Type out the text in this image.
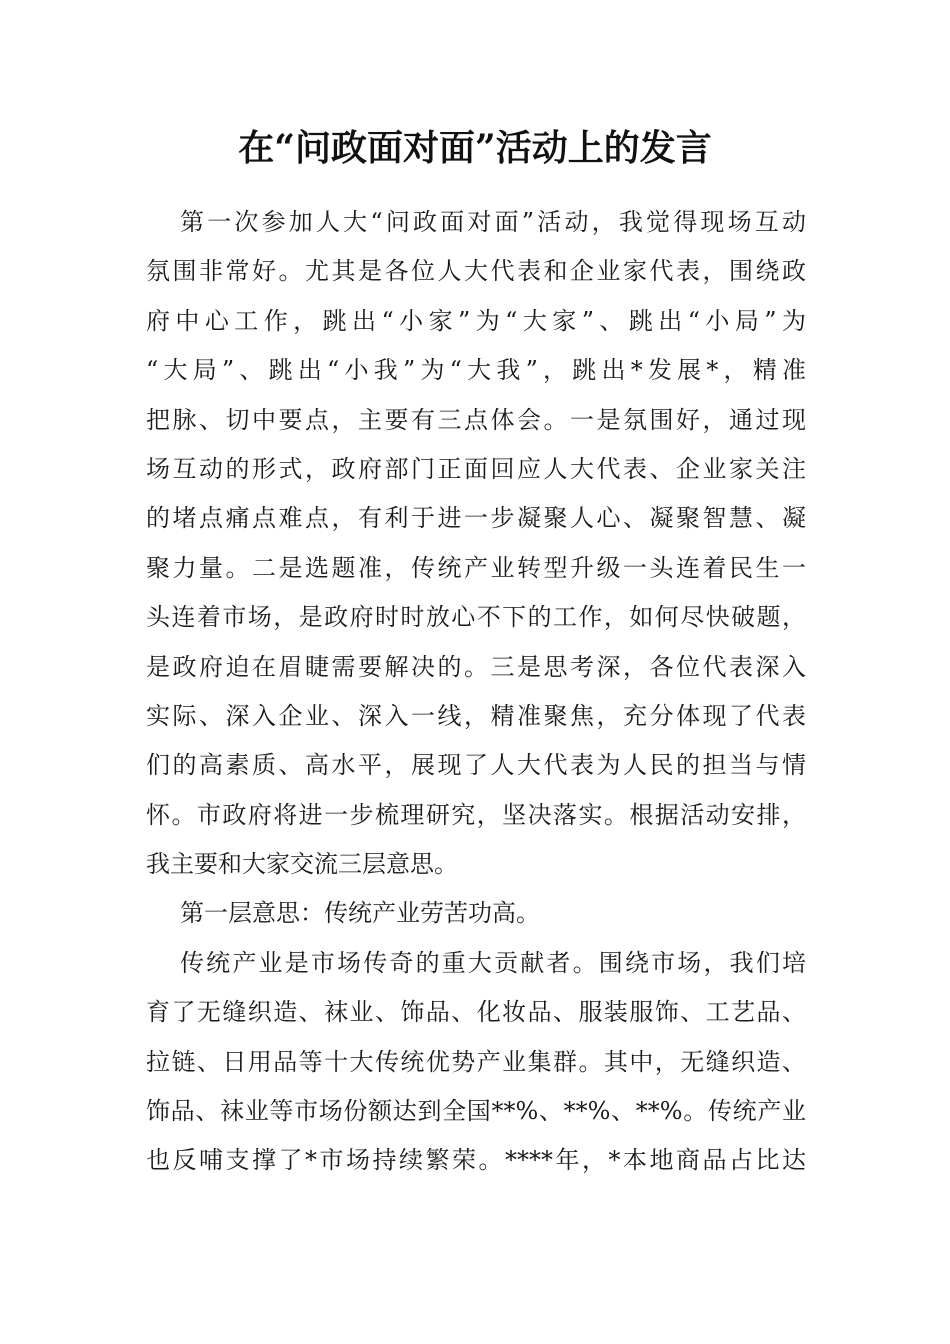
在“问政面对面”活动上的发言
第一次参加人大“问政面对面”活动，我觉得现场互动
氛围非常好。尤其是各位人大代表和企业家代表，围绕政
府中心工作，跳出“小家”为“大家”、跳出“小局”为
“大局”、跳出“小我”为“大我”，跳出*发展*，精准
把脉、切中要点，主要有三点体会。一是氛围好，通过现
场互动的形式，政府部门正面回应人大代表、企业家关注
的堵点痛点难点，有利于进一步凝聚人心、凝聚智慧、凝
聚力量。二是选题准，传统产业转型升级一头连着民生一
头连着市场，是政府时时放心不下的工作，如何尽快破题，
是政府迫在眉睫需要解决的。三是思考深，各位代表深入
实际、深入企业、深入一线，精准聚焦，充分体现了代表
们的高素质、高水平，展现了人大代表为人民的担当与情
怀。市政府将进一步梳理研究，坚决落实。根据活动安排，
我主要和大家交流三层意思。
第一层意思：传统产业劳苦功高。
传统产业是市场传奇的重大贡献者。围绕市场，我们培
育了无缝织造、袜业、饰品、化妆品、服装服饰、工艺品、
拉链、日用品等十大传统优势产业集群。其中，无缝织造、
饰品、袜业等市场份额达到全国**%、**%、**%。传统产业
也反哺支撑了*市场持续繁荣。****年，*本地商品占比达
